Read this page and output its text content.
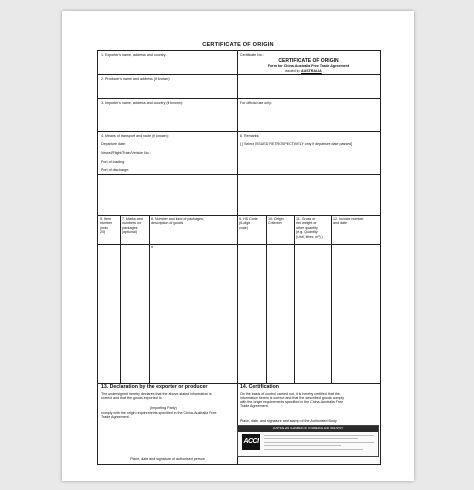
CERTIFICATE OF ORIGIN
1. Exporter's name, address and country:
2. Producer's name and address (if known):
3. Importer's name, address and country (if known):
4. Means of transport and route (if known):
Departure date:
Vessel/Flight/Train/Vehicle No.:
Port of loading:
Port of discharge:
Certificate No.:
CERTIFICATE OF ORIGIN
Form for China-Australia Free Trade Agreement
Issued in: AUSTRALIA
For official use only:
6. Remarks:
[ ] Select ISSUED RETROSPECTIVELY only if departure date passed]
5. Item
number
(max
20)
7. Marks and
numbers on
packages
(optional)
8. Number and kind of packages;
description of goods
9. HS Code
(6-digit
code)
10. Origin
Criterion
11. Gross or
net weight or
other quantity
(e.g. Quantity
(Unit, litres, m³).)
12. Invoice number
and date
*
13. Declaration by the exporter or producer
The undersigned hereby declares that the above-stated information is
correct and that the goods exported to
(Importing Party)
comply with the origin requirements specified in the China-Australia Free
Trade Agreement.
Place, date and signature of authorised person
14. Certification
On the basis of control carried out, it is hereby certified that the
information herein is correct and that the described goods comply
with the origin requirements specified in the China-Australia Free
Trade Agreement.
Place, date, and signature and stamp of the Authorised Body
AUSTRALIAN CHAMBER OF COMMERCE AND INDUSTRY
ACCI
